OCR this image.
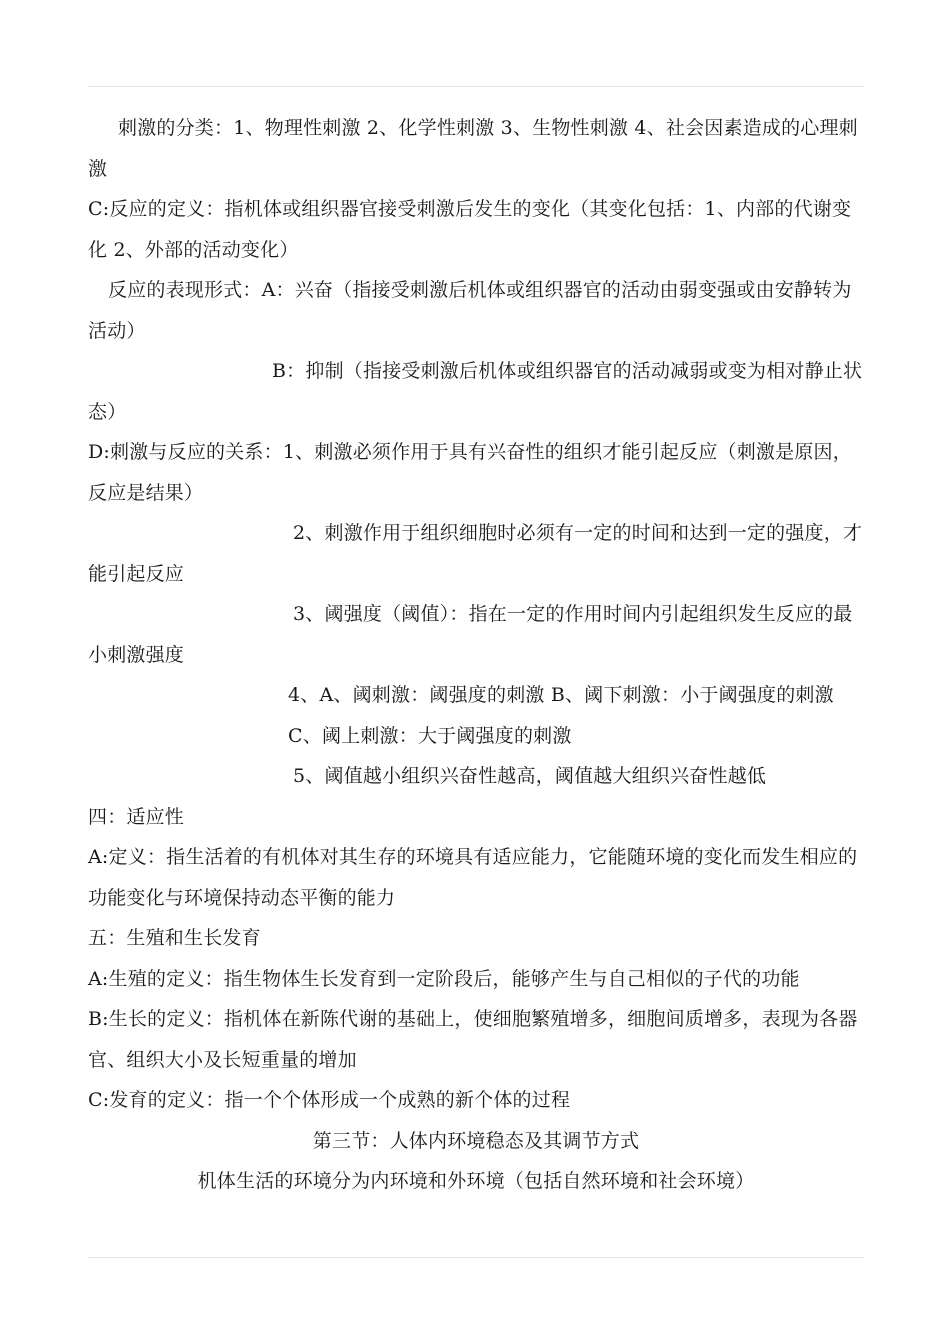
刺激的分类：1、物理性刺激 2、化学性刺激 3、生物性刺激 4、社会因素造成的心理刺激

C:反应的定义：指机体或组织器官接受刺激后发生的变化（其变化包括：1、内部的代谢变化 2、外部的活动变化）

反应的表现形式：A：兴奋（指接受刺激后机体或组织器官的活动由弱变强或由安静转为活动）

B：抑制（指接受刺激后机体或组织器官的活动减弱或变为相对静止状态）

D:刺激与反应的关系：1、刺激必须作用于具有兴奋性的组织才能引起反应（刺激是原因，反应是结果）

2、刺激作用于组织细胞时必须有一定的时间和达到一定的强度，才能引起反应

3、阈强度（阈值）：指在一定的作用时间内引起组织发生反应的最小刺激强度

4、A、阈刺激：阈强度的刺激 B、阈下刺激：小于阈强度的刺激 C、阈上刺激：大于阈强度的刺激

5、阈值越小组织兴奋性越高，阈值越大组织兴奋性越低

四：适应性

A:定义：指生活着的有机体对其生存的环境具有适应能力，它能随环境的变化而发生相应的功能变化与环境保持动态平衡的能力

五：生殖和生长发育

A:生殖的定义：指生物体生长发育到一定阶段后，能够产生与自己相似的子代的功能

B:生长的定义：指机体在新陈代谢的基础上，使细胞繁殖增多，细胞间质增多，表现为各器官、组织大小及长短重量的增加

C:发育的定义：指一个个体形成一个成熟的新个体的过程

第三节：人体内环境稳态及其调节方式

机体生活的环境分为内环境和外环境（包括自然环境和社会环境）
